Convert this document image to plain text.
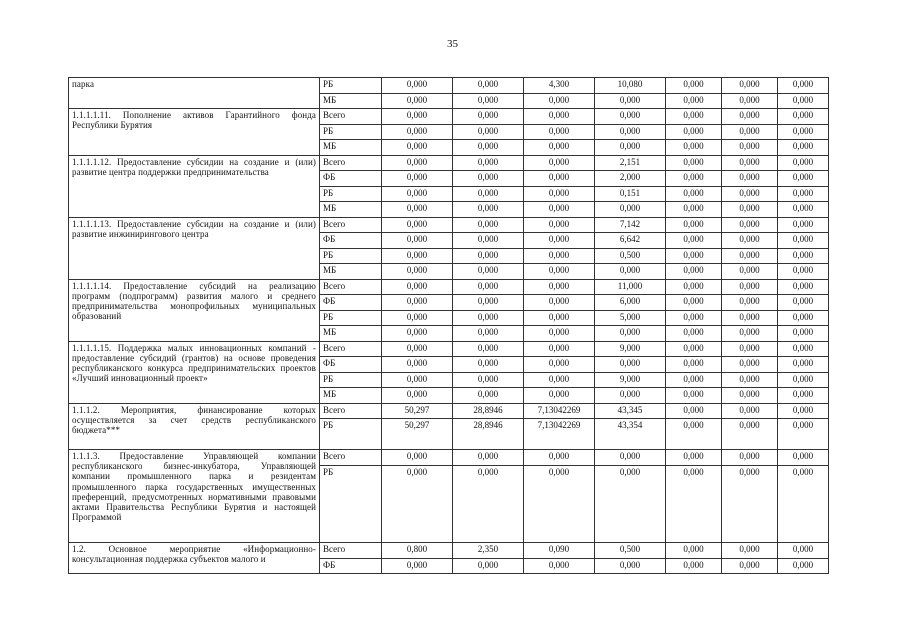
35
парка	РБ	0,000	0,000	4,300	10,080	0,000	0,000	0,000
	МБ	0,000	0,000	0,000	0,000	0,000	0,000	0,000
1.1.1.1.11. Пополнение активов Гарантийного фонда Республики Бурятия	Всего	0,000	0,000	0,000	0,000	0,000	0,000	0,000
	РБ	0,000	0,000	0,000	0,000	0,000	0,000	0,000
	МБ	0,000	0,000	0,000	0,000	0,000	0,000	0,000
1.1.1.1.12. Предоставление субсидии на создание и (или) развитие центра поддержки предпринимательства	Всего	0,000	0,000	0,000	2,151	0,000	0,000	0,000
	ФБ	0,000	0,000	0,000	2,000	0,000	0,000	0,000
	РБ	0,000	0,000	0,000	0,151	0,000	0,000	0,000
	МБ	0,000	0,000	0,000	0,000	0,000	0,000	0,000
1.1.1.1.13. Предоставление субсидии на создание и (или) развитие инжинирингового центра	Всего	0,000	0,000	0,000	7,142	0,000	0,000	0,000
	ФБ	0,000	0,000	0,000	6,642	0,000	0,000	0,000
	РБ	0,000	0,000	0,000	0,500	0,000	0,000	0,000
	МБ	0,000	0,000	0,000	0,000	0,000	0,000	0,000
1.1.1.1.14. Предоставление субсидий на реализацию программ (подпрограмм) развития малого и среднего предпринимательства монопрофильных муниципальных образований	Всего	0,000	0,000	0,000	11,000	0,000	0,000	0,000
	ФБ	0,000	0,000	0,000	6,000	0,000	0,000	0,000
	РБ	0,000	0,000	0,000	5,000	0,000	0,000	0,000
	МБ	0,000	0,000	0,000	0,000	0,000	0,000	0,000
1.1.1.1.15. Поддержка малых инновационных компаний - предоставление субсидий (грантов) на основе проведения республиканского конкурса предпринимательских проектов «Лучший инновационный проект»	Всего	0,000	0,000	0,000	9,000	0,000	0,000	0,000
	ФБ	0,000	0,000	0,000	0,000	0,000	0,000	0,000
	РБ	0,000	0,000	0,000	9,000	0,000	0,000	0,000
	МБ	0,000	0,000	0,000	0,000	0,000	0,000	0,000
1.1.1.2. Мероприятия, финансирование которых осуществляется за счет средств республиканского бюджета***	Всего	50,297	28,8946	7,13042269	43,345	0,000	0,000	0,000
	РБ	50,297	28,8946	7,13042269	43,354	0,000	0,000	0,000
1.1.1.3. Предоставление Управляющей компании республиканского бизнес-инкубатора, Управляющей компании промышленного парка и резидентам промышленного парка государственных имущественных преференций, предусмотренных нормативными правовыми актами Правительства Республики Бурятия и настоящей Программой	Всего	0,000	0,000	0,000	0,000	0,000	0,000	0,000
	РБ	0,000	0,000	0,000	0,000	0,000	0,000	0,000
1.2. Основное мероприятие «Информационно-консультационная поддержка субъектов малого и	Всего	0,800	2,350	0,090	0,500	0,000	0,000	0,000
	ФБ	0,000	0,000	0,000	0,000	0,000	0,000	0,000
